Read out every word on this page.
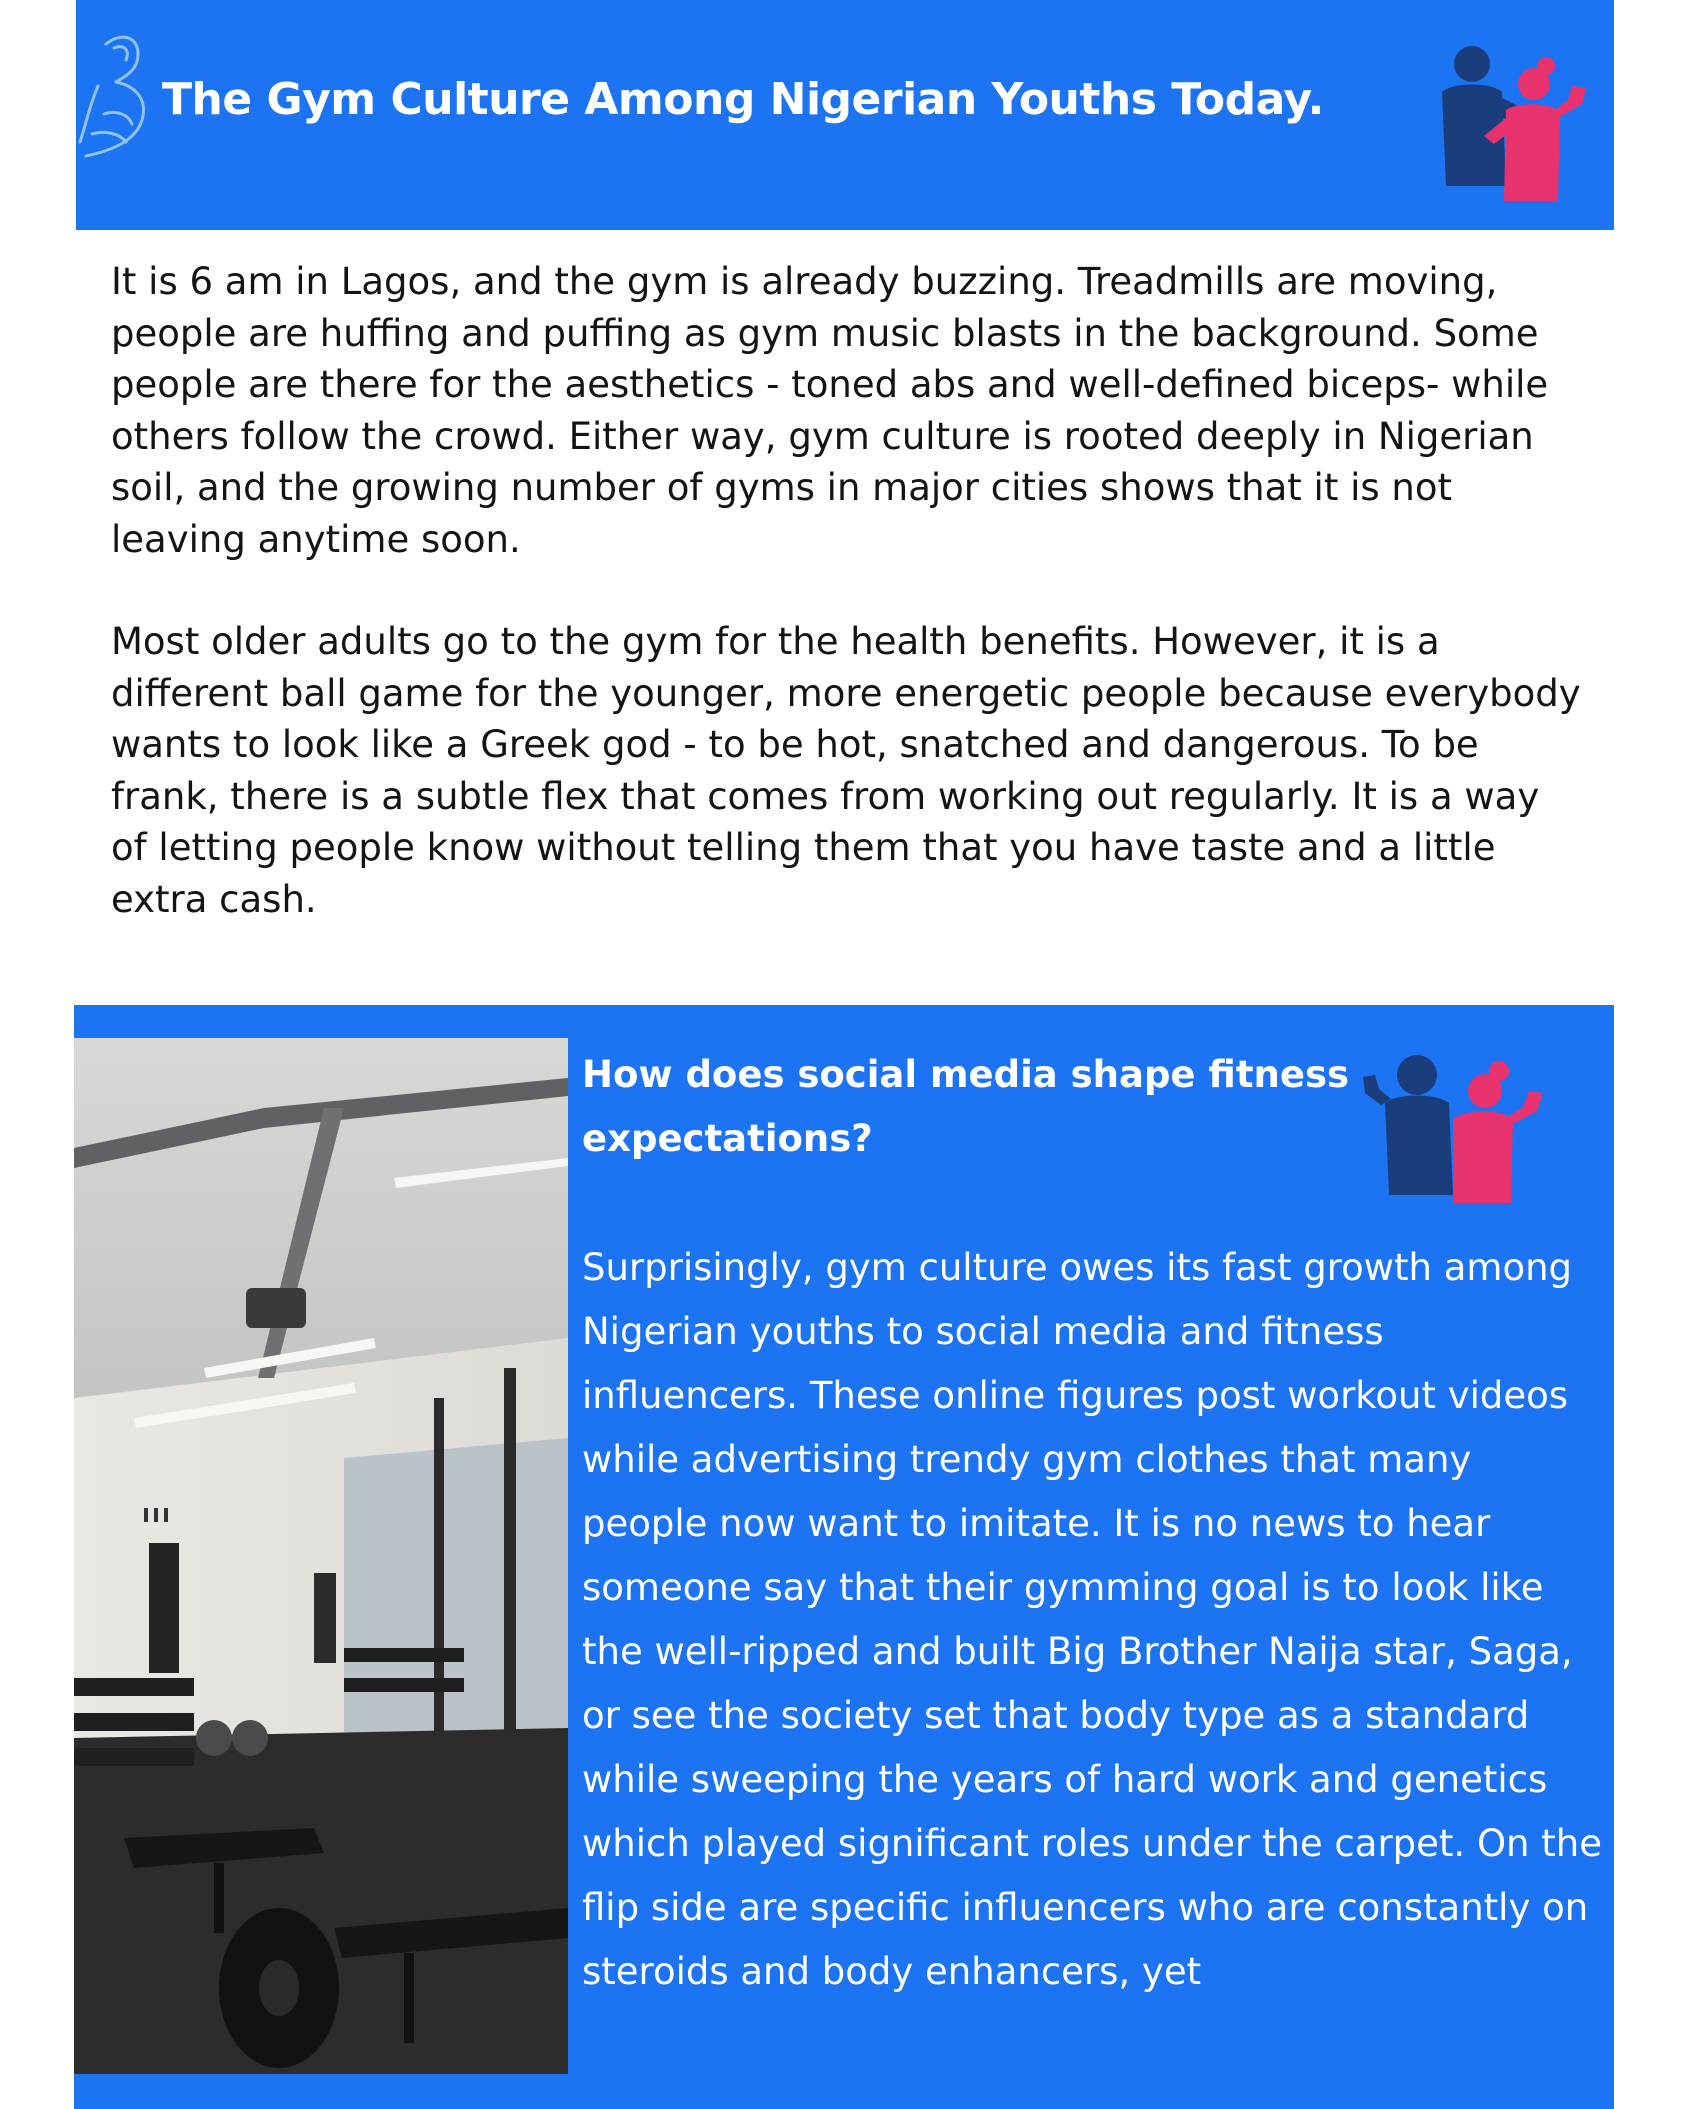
The Gym Culture Among Nigerian Youths Today.

It is 6 am in Lagos, and the gym is already buzzing. Treadmills are moving, people are huffing and puffing as gym music blasts in the background. Some people are there for the aesthetics - toned abs and well-defined biceps- while others follow the crowd. Either way, gym culture is rooted deeply in Nigerian soil, and the growing number of gyms in major cities shows that it is not leaving anytime soon.

Most older adults go to the gym for the health benefits. However, it is a different ball game for the younger, more energetic people because everybody wants to look like a Greek god - to be hot, snatched and dangerous. To be frank, there is a subtle flex that comes from working out regularly. It is a way of letting people know without telling them that you have taste and a little extra cash.

How does social media shape fitness expectations?
Surprisingly, gym culture owes its fast growth among Nigerian youths to social media and fitness influencers. These online figures post workout videos while advertising trendy gym clothes that many people now want to imitate. It is no news to hear someone say that their gymming goal is to look like the well-ripped and built Big Brother Naija star, Saga, or see the society set that body type as a standard while sweeping the years of hard work and genetics which played significant roles under the carpet. On the flip side are specific influencers who are constantly on steroids and body enhancers, yet
